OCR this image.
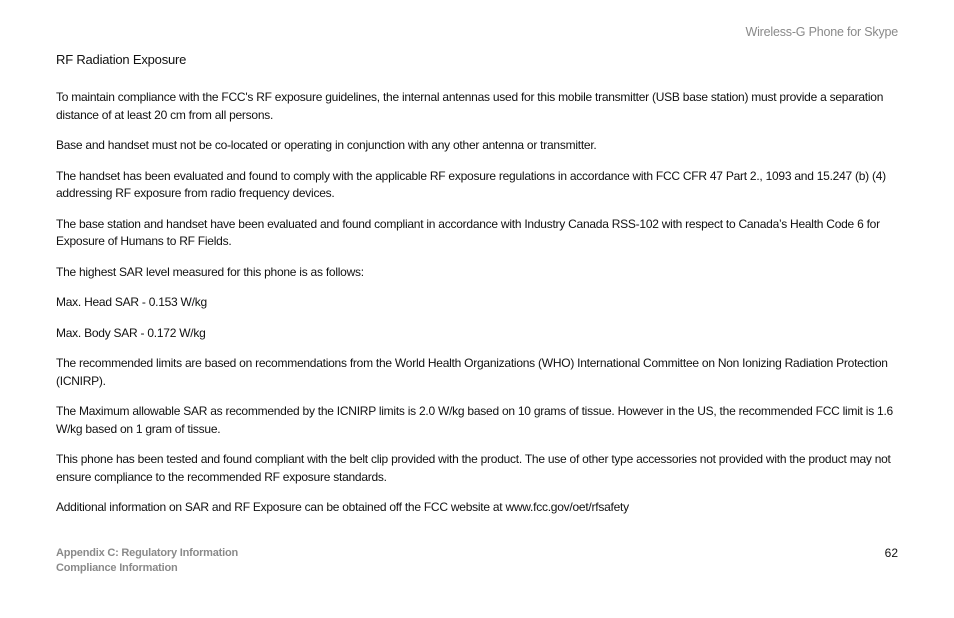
Wireless-G Phone for Skype
RF Radiation Exposure

To maintain compliance with the FCC's RF exposure guidelines, the internal antennas used for this mobile transmitter (USB base station) must provide a separation distance of at least 20 cm from all persons.

Base and handset must not be co-located or operating in conjunction with any other antenna or transmitter.

The handset has been evaluated and found to comply with the applicable RF exposure regulations in accordance with FCC CFR 47 Part 2., 1093 and 15.247 (b) (4) addressing RF exposure from radio frequency devices.

The base station and handset have been evaluated and found compliant in accordance with Industry Canada RSS-102 with respect to Canada’s Health Code 6 for Exposure of Humans to RF Fields.

The highest SAR level measured for this phone is as follows:

Max. Head SAR - 0.153 W/kg

Max. Body SAR - 0.172 W/kg

The recommended limits are based on recommendations from the World Health Organizations (WHO) International Committee on Non Ionizing Radiation Protection (ICNIRP).

The Maximum allowable SAR as recommended by the ICNIRP limits is 2.0 W/kg based on 10 grams of tissue. However in the US, the recommended FCC limit is 1.6 W/kg based on 1 gram of tissue.

This phone has been tested and found compliant with the belt clip provided with the product. The use of other type accessories not provided with the product may not ensure compliance to the recommended RF exposure standards.

Additional information on SAR and RF Exposure can be obtained off the FCC website at www.fcc.gov/oet/rfsafety

Appendix C: Regulatory Information
Compliance Information
62
